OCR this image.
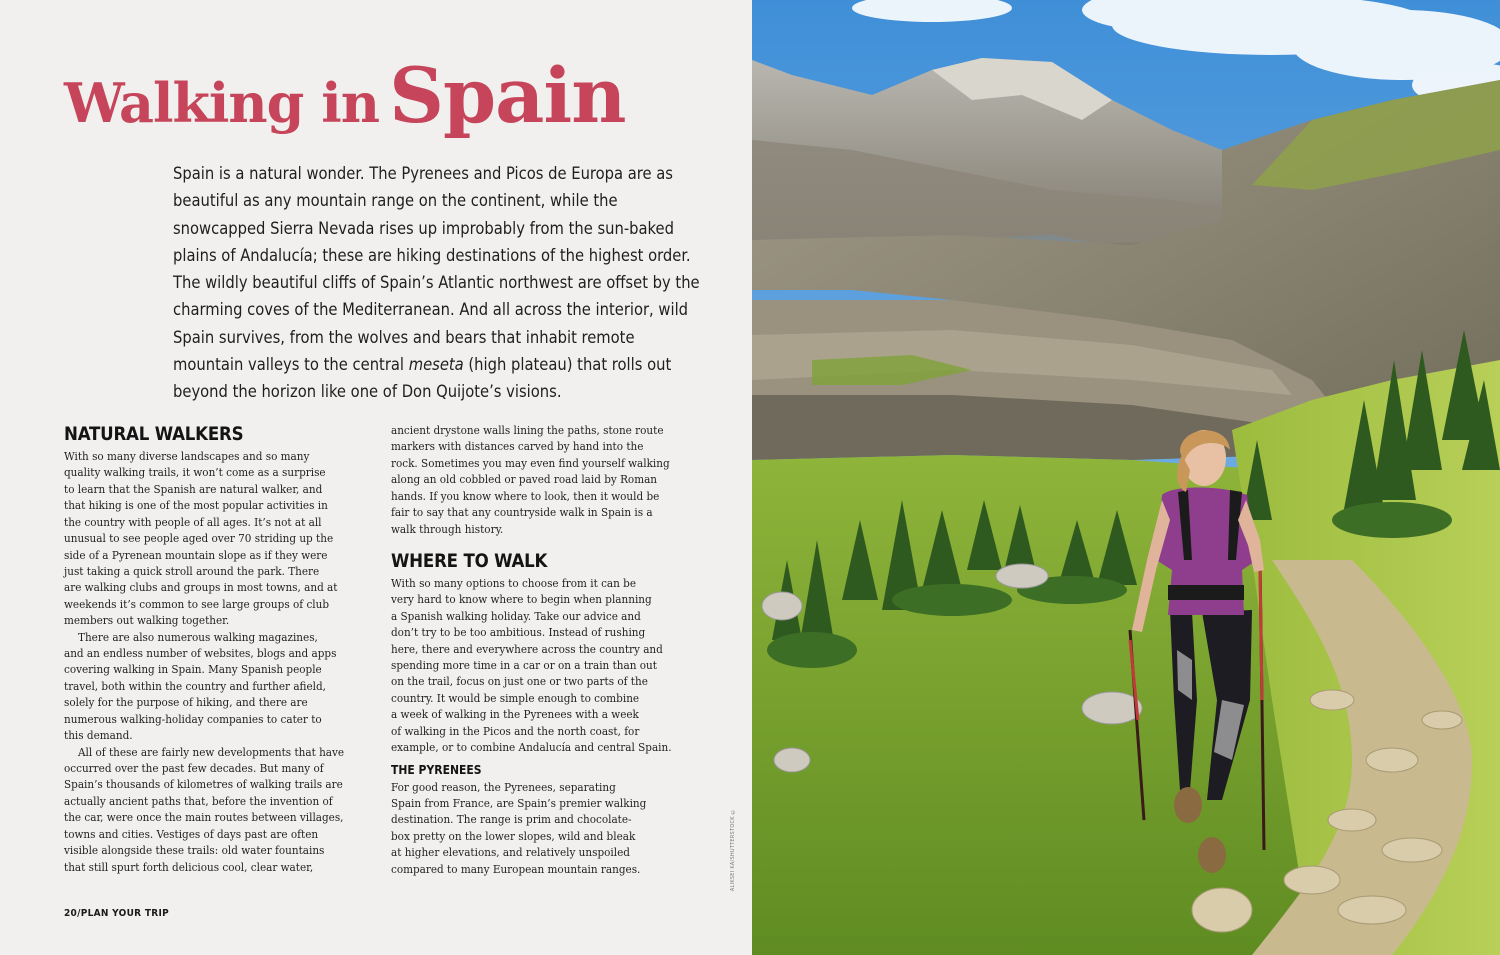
Walking in Spain

Spain is a natural wonder. The Pyrenees and Picos de Europa are as beautiful as any mountain range on the continent, while the snowcapped Sierra Nevada rises up improbably from the sun-baked plains of Andalucía; these are hiking destinations of the highest order. The wildly beautiful cliffs of Spain’s Atlantic northwest are offset by the charming coves of the Mediterranean. And all across the interior, wild Spain survives, from the wolves and bears that inhabit remote mountain valleys to the central meseta (high plateau) that rolls out beyond the horizon like one of Don Quijote’s visions.

NATURAL WALKERS

With so many diverse landscapes and so many
quality walking trails, it won’t come as a surprise
to learn that the Spanish are natural walker, and
that hiking is one of the most popular activities in
the country with people of all ages. It’s not at all
unusual to see people aged over 70 striding up the
side of a Pyrenean mountain slope as if they were
just taking a quick stroll around the park. There
are walking clubs and groups in most towns, and at
weekends it’s common to see large groups of club
members out walking together.

There are also numerous walking magazines,
and an endless number of websites, blogs and apps
covering walking in Spain. Many Spanish people
travel, both within the country and further afield,
solely for the purpose of hiking, and there are
numerous walking-holiday companies to cater to
this demand.

All of these are fairly new developments that have
occurred over the past few decades. But many of
Spain’s thousands of kilometres of walking trails are
actually ancient paths that, before the invention of
the car, were once the main routes between villages,
towns and cities. Vestiges of days past are often
visible alongside these trails: old water fountains
that still spurt forth delicious cool, clear water,

ancient drystone walls lining the paths, stone route
markers with distances carved by hand into the
rock. Sometimes you may even find yourself walking
along an old cobbled or paved road laid by Roman
hands. If you know where to look, then it would be
fair to say that any countryside walk in Spain is a
walk through history.

WHERE TO WALK

With so many options to choose from it can be
very hard to know where to begin when planning
a Spanish walking holiday. Take our advice and
don’t try to be too ambitious. Instead of rushing
here, there and everywhere across the country and
spending more time in a car or on a train than out
on the trail, focus on just one or two parts of the
country. It would be simple enough to combine
a week of walking in the Pyrenees with a week
of walking in the Picos and the north coast, for
example, or to combine Andalucía and central Spain.

THE PYRENEES

For good reason, the Pyrenees, separating
Spain from France, are Spain’s premier walking
destination. The range is prim and chocolate-
box pretty on the lower slopes, wild and bleak
at higher elevations, and relatively unspoiled
compared to many European mountain ranges.

20/PLAN YOUR TRIP
ALIKSEI KA/SHUTTERSTOCK ©
